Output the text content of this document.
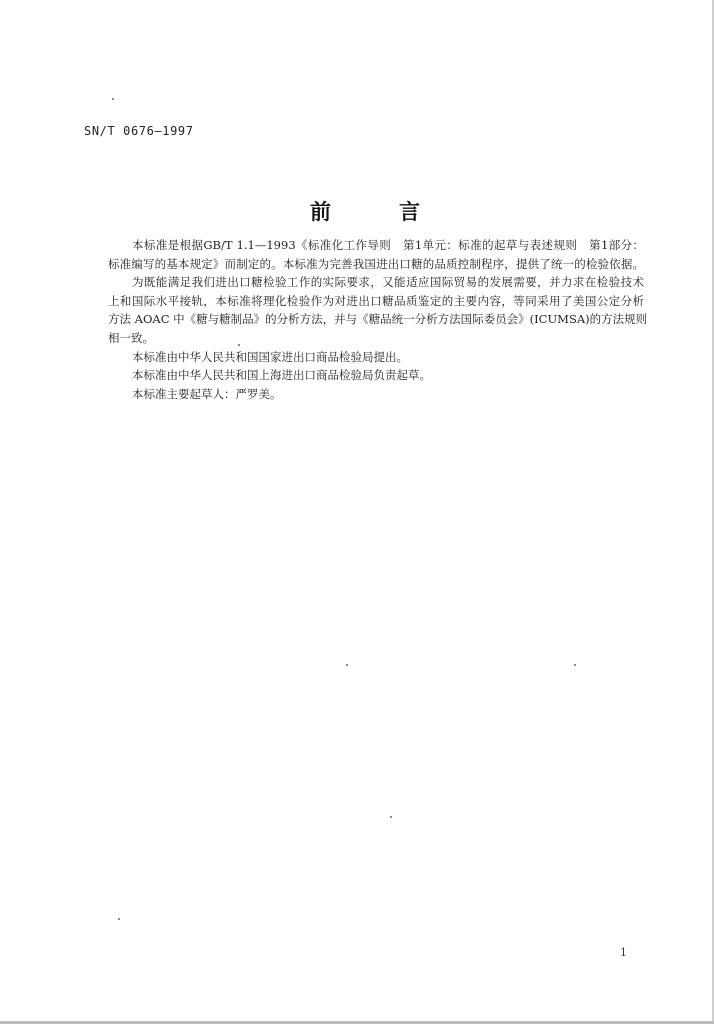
SN/T 0676—1997
前	言
本标准是根据GB/T 1.1—1993《标准化工作导则　第1单元：标准的起草与表述规则　第1部分：
标准编写的基本规定》而制定的。本标准为完善我国进出口糖的品质控制程序，提供了统一的检验依据。
为既能满足我们进出口糖检验工作的实际要求，又能适应国际贸易的发展需要，并力求在检验技术
上和国际水平接轨，本标准将理化检验作为对进出口糖品质鉴定的主要内容，等同采用了美国公定分析
方法 AOAC 中《糖与糖制品》的分析方法，并与《糖品统一分析方法国际委员会》(ICUMSA)的方法规则
相一致。
本标准由中华人民共和国国家进出口商品检验局提出。
本标准由中华人民共和国上海进出口商品检验局负责起草。
本标准主要起草人：严罗美。
1
